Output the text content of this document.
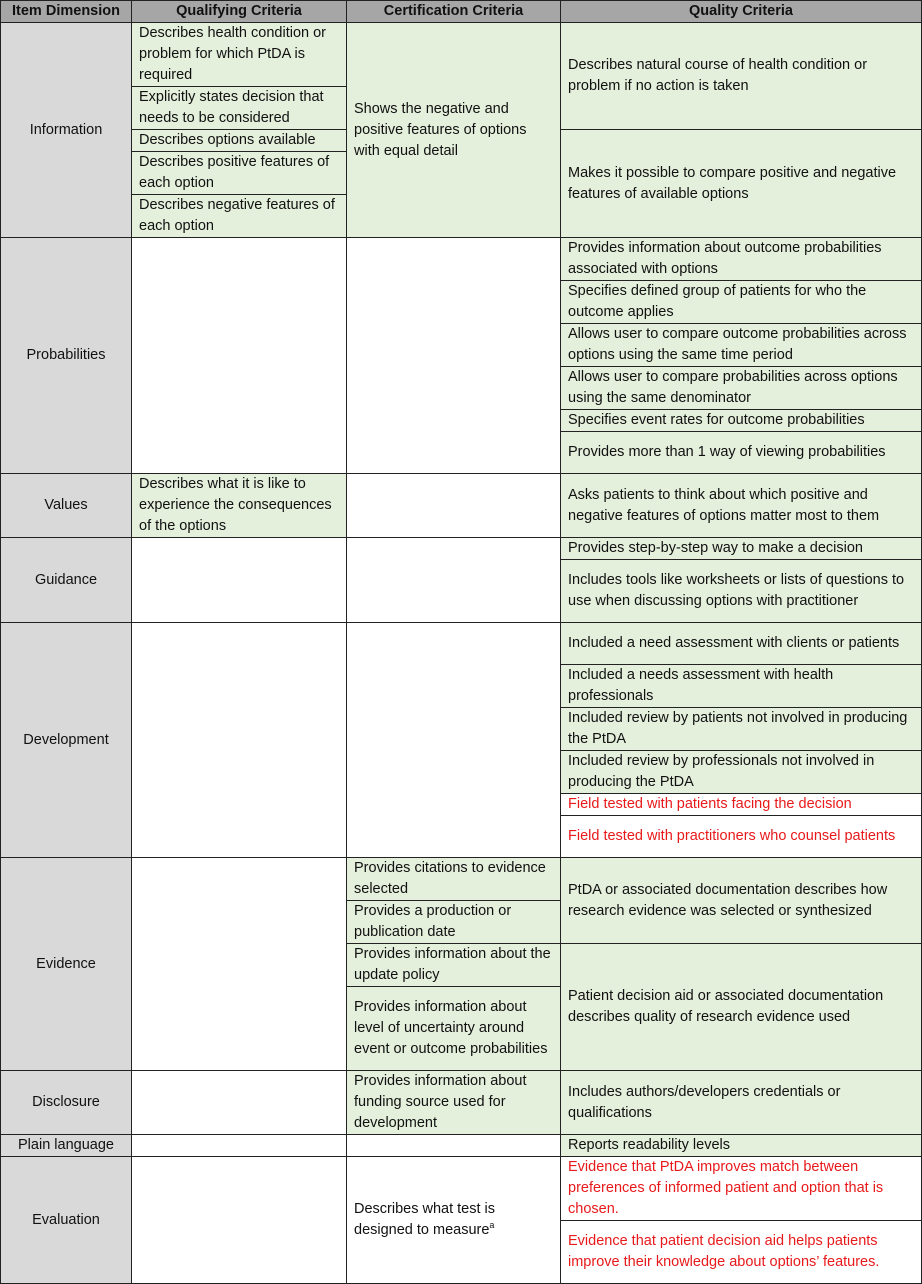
Item Dimension	Qualifying Criteria	Certification Criteria	Quality Criteria
Information	Describes health condition or problem for which PtDA is required	Shows the negative and positive features of options with equal detail	Describes natural course of health condition or problem if no action is taken
	Explicitly states decision that needs to be considered		
	Describes options available		Makes it possible to compare positive and negative features of available options
	Describes positive features of each option		
	Describes negative features of each option		
Probabilities			Provides information about outcome probabilities associated with options
			Specifies defined group of patients for who the outcome applies
			Allows user to compare outcome probabilities across options using the same time period
			Allows user to compare probabilities across options using the same denominator
			Specifies event rates for outcome probabilities
			Provides more than 1 way of viewing probabilities
Values	Describes what it is like to experience the consequences of the options		Asks patients to think about which positive and negative features of options matter most to them
Guidance			Provides step-by-step way to make a decision
			Includes tools like worksheets or lists of questions to use when discussing options with practitioner
Development			Included a need assessment with clients or patients
			Included a needs assessment with health professionals
			Included review by patients not involved in producing the PtDA
			Included review by professionals not involved in producing the PtDA
			Field tested with patients facing the decision
			Field tested with practitioners who counsel patients
Evidence		Provides citations to evidence selected	PtDA or associated documentation describes how research evidence was selected or synthesized
		Provides a production or publication date	
		Provides information about the update policy	Patient decision aid or associated documentation describes quality of research evidence used
		Provides information about level of uncertainty around event or outcome probabilities	
Disclosure		Provides information about funding source used for development	Includes authors/developers credentials or qualifications
Plain language			Reports readability levels
Evaluation		Describes what test is designed to measure$^a$	Evidence that PtDA improves match between preferences of informed patient and option that is chosen.
			Evidence that patient decision aid helps patients improve their knowledge about options’ features.
